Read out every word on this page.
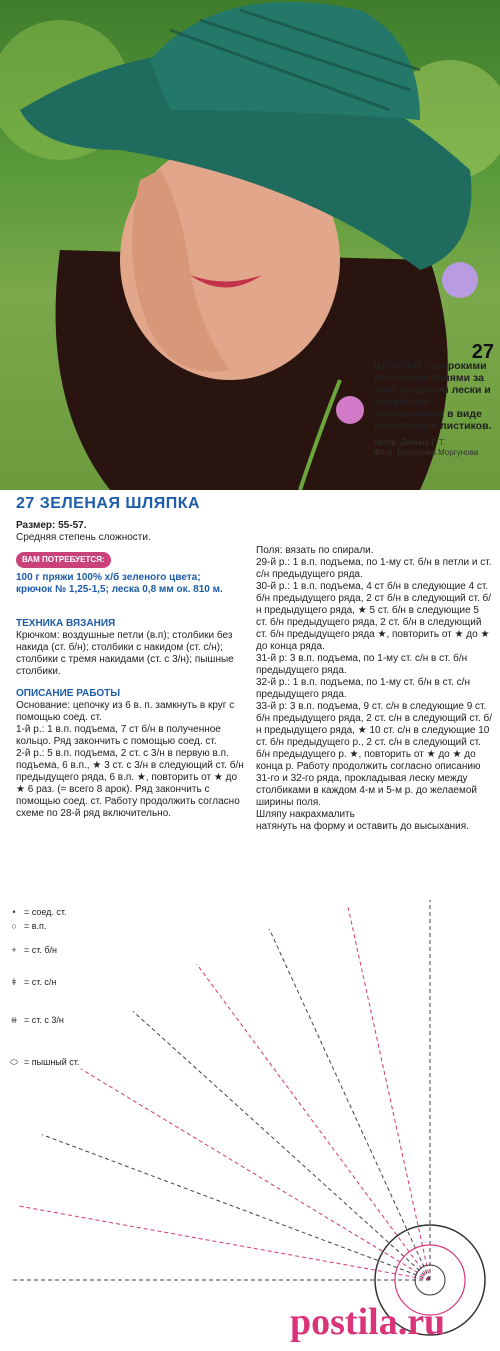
27
ШЛЯПКИ с широкими плотными полями за счет продетой лески и ажурными основаниями в виде цветочков и листиков.
Автор: Демина Г. Т.
Фото: Екатерина Моргунова
27 ЗЕЛЕНАЯ ШЛЯПКА
Размер: 55-57.
Средняя степень сложности.
ВАМ ПОТРЕБУЕТСЯ:
100 г пряжи 100% х/б зеленого цвета;
крючок № 1,25-1,5; леска 0,8 мм ок. 810 м.
ТЕХНИКА ВЯЗАНИЯ
Крючком: воздушные петли (в.п); столбики без накида (ст. б/н); столбики с накидом (ст. с/н); столбики с тремя накидами (ст. с 3/н); пышные столбики.
ОПИСАНИЕ РАБОТЫ
Основание: цепочку из 6 в. п. замкнуть в круг с помощью соед. ст.
1-й р.: 1 в.п. подъема, 7 ст б/н в полученное кольцо. Ряд закончить с помощью соед. ст.
2-й р.: 5 в.п. подъема, 2 ст. с 3/н в первую в.п. подъема, 6 в.п., ★ 3 ст. с 3/н в следующий ст. б/н предыдущего ряда, 6 в.п. ★, повторить от ★ до ★ 6 раз. (= всего 8 арок). Ряд закончить с помощью соед. ст. Работу продолжить согласно схеме по 28-й ряд включительно.
Поля: вязать по спирали.
29-й р.: 1 в.п. подъема, по 1-му ст. б/н в петли и ст. с/н предыдущего ряда.
30-й р.: 1 в.п. подъема, 4 ст б/н в следующие 4 ст. б/н предыдущего ряда, 2 ст б/н в следующий ст. б/н предыдущего ряда, ★ 5 ст. б/н в следующие 5 ст. б/н предыдущего ряда, 2 ст. б/н в следующий ст. б/н предыдущего ряда ★, повторить от ★ до ★ до конца ряда.
31-й р: 3 в.п. подъема, по 1-му ст. с/н в ст. б/н предыдущего ряда.
32-й р.: 1 в.п. подъема, по 1-му ст. б/н в ст. с/н предыдущего ряда.
33-й р: 3 в.п. подъема, 9 ст. с/н в следующие 9 ст. б/н предыдущего ряда, 2 ст. с/н в следующий ст. б/н предыдущего ряда, ★ 10 ст. с/н в следующие 10 ст. б/н предыдущего р., 2 ст. с/н в следующий ст. б/н предыдущего р. ★, повторить от ★ до ★ до конца р. Работу продолжить согласно описанию 31-го и 32-го ряда, прокладывая леску между столбиками в каждом 4-м и 5-м р. до желаемой ширины поля.
Шляпу накрахмалить
натянуть на форму и оставить до высыхания.
• = соед. ст.
○ = в.п.
+ = ст. б/н
ǂ = ст. с/н
⧺ = ст. с 3/н
⬭ = пышный ст.
postila.ru
